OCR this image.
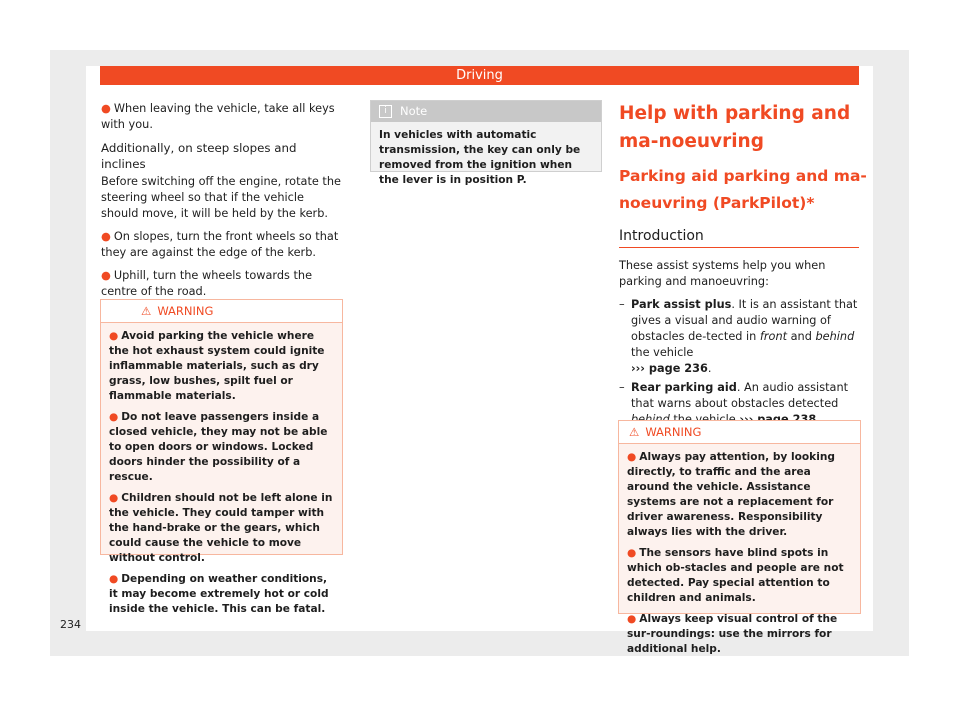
Driving

● When leaving the vehicle, take all keys with you.

Additionally, on steep slopes and inclines

Before switching off the engine, rotate the steering wheel so that if the vehicle should move, it will be held by the kerb.

● On slopes, turn the front wheels so that they are against the edge of the kerb.

● Uphill, turn the wheels towards the centre of the road.

⚠ WARNING

● Avoid parking the vehicle where the hot exhaust system could ignite inflammable materials, such as dry grass, low bushes, spilt fuel or flammable materials.

● Do not leave passengers inside a closed vehicle, they may not be able to open doors or windows. Locked doors hinder the possibility of a rescue.

● Children should not be left alone in the vehicle. They could tamper with the hand-brake or the gears, which could cause the vehicle to move without control.

● Depending on weather conditions, it may become extremely hot or cold inside the vehicle. This can be fatal.

i Note
In vehicles with automatic transmission, the key can only be removed from the ignition when the lever is in position P.
Help with parking and ma-noeuvring
Parking aid parking and ma-noeuvring (ParkPilot)*
Introduction

These assist systems help you when parking and manoeuvring:

– Park assist plus. It is an assistant that gives a visual and audio warning of obstacles de-tected in front and behind the vehicle
››› page 236.

– Rear parking aid. An audio assistant that warns about obstacles detected

⚠ WARNING

● Always pay attention, by looking directly, to traffic and the area around the vehicle. Assistance systems are not a replacement for driver awareness. Responsibility always lies with the driver.

● The sensors have blind spots in which ob-stacles and people are not detected. Pay special attention to children and animals.

● Always keep visual control of the sur-roundings: use the mirrors for additional help.

234
